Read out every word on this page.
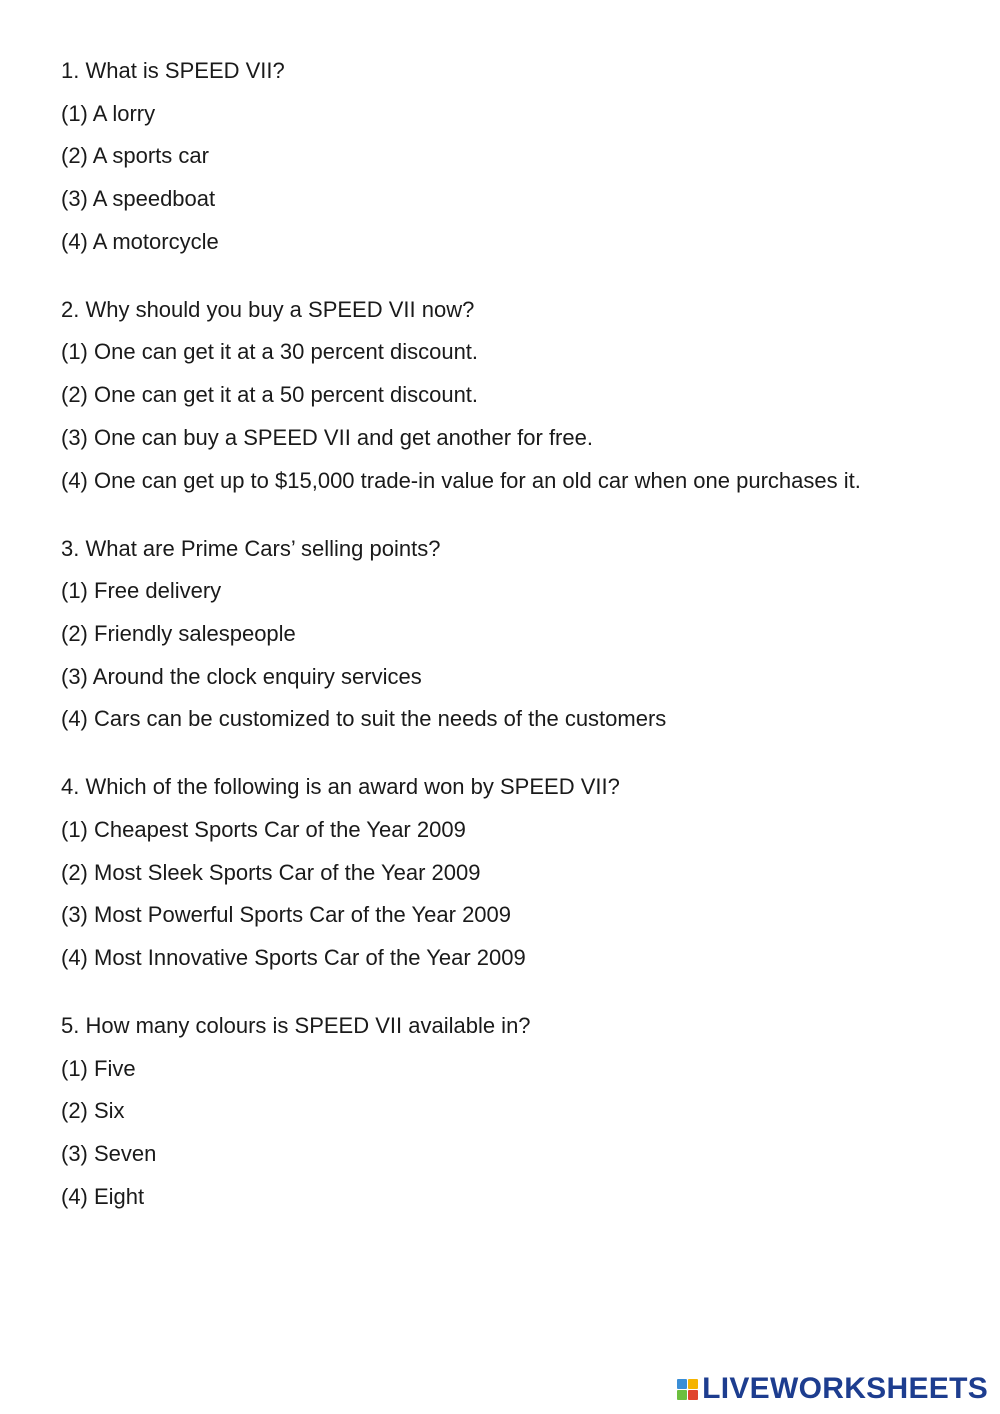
1. What is SPEED VII?
(1) A lorry
(2) A sports car
(3) A speedboat
(4) A motorcycle
2. Why should you buy a SPEED VII now?
(1) One can get it at a 30 percent discount.
(2) One can get it at a 50 percent discount.
(3) One can buy a SPEED VII and get another for free.
(4) One can get up to $15,000 trade-in value for an old car when one purchases it.
3. What are Prime Cars’ selling points?
(1) Free delivery
(2) Friendly salespeople
(3) Around the clock enquiry services
(4) Cars can be customized to suit the needs of the customers
4. Which of the following is an award won by SPEED VII?
(1) Cheapest Sports Car of the Year 2009
(2) Most Sleek Sports Car of the Year 2009
(3) Most Powerful Sports Car of the Year 2009
(4) Most Innovative Sports Car of the Year 2009
5. How many colours is SPEED VII available in?
(1) Five
(2) Six
(3) Seven
(4) Eight
LIVEWORKSHEETS
